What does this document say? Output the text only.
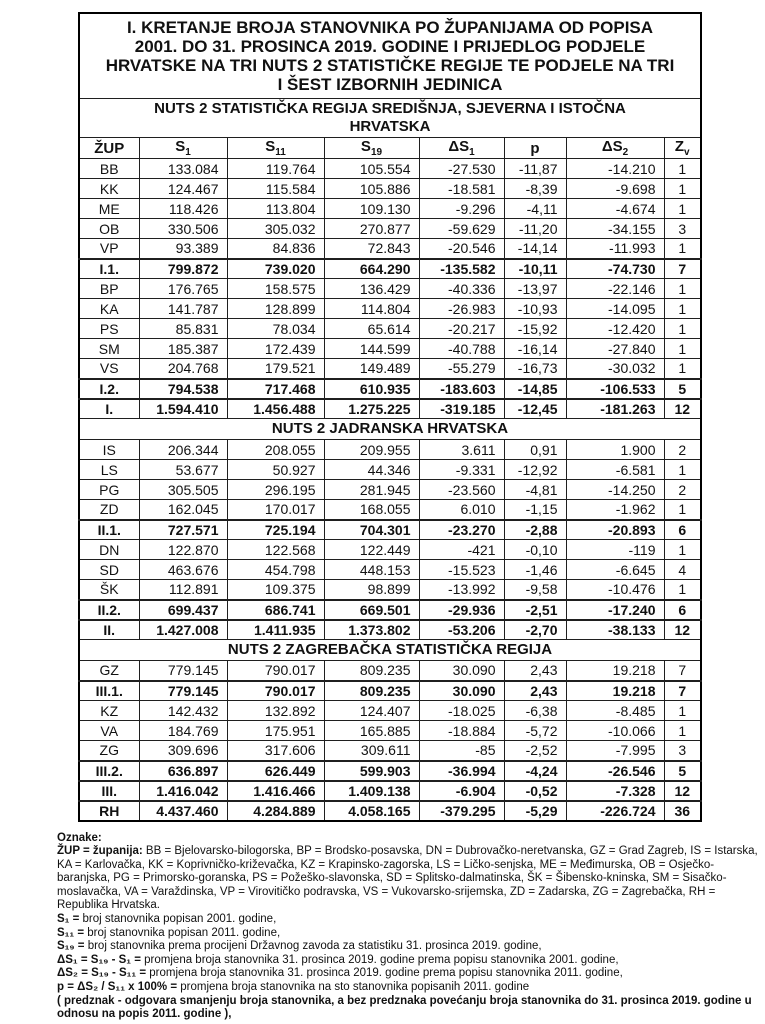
I. KRETANJE BROJA STANOVNIKA PO ŽUPANIJAMA OD POPISA
2001. DO 31. PROSINCA 2019. GODINE I PRIJEDLOG PODJELE
HRVATSKE NA TRI NUTS 2 STATISTIČKE REGIJE TE PODJELE NA TRI
I ŠEST IZBORNIH JEDINICA							
NUTS 2 STATISTIČKA REGIJA SREDIŠNJA, SJEVERNA I ISTOČNA
HRVATSKA							
ŽUP	$S_1$	$S_{11}$	$S_{19}$	$\Delta S_1$	p	$\Delta S_2$	$Z_v$
BB	133.084	119.764	105.554	-27.530	-11,87	-14.210	1
KK	124.467	115.584	105.886	-18.581	-8,39	-9.698	1
ME	118.426	113.804	109.130	-9.296	-4,11	-4.674	1
OB	330.506	305.032	270.877	-59.629	-11,20	-34.155	3
VP	93.389	84.836	72.843	-20.546	-14,14	-11.993	1
I.1.	799.872	739.020	664.290	-135.582	-10,11	-74.730	7
BP	176.765	158.575	136.429	-40.336	-13,97	-22.146	1
KA	141.787	128.899	114.804	-26.983	-10,93	-14.095	1
PS	85.831	78.034	65.614	-20.217	-15,92	-12.420	1
SM	185.387	172.439	144.599	-40.788	-16,14	-27.840	1
VS	204.768	179.521	149.489	-55.279	-16,73	-30.032	1
I.2.	794.538	717.468	610.935	-183.603	-14,85	-106.533	5
I.	1.594.410	1.456.488	1.275.225	-319.185	-12,45	-181.263	12
NUTS 2 JADRANSKA HRVATSKA							
IS	206.344	208.055	209.955	3.611	0,91	1.900	2
LS	53.677	50.927	44.346	-9.331	-12,92	-6.581	1
PG	305.505	296.195	281.945	-23.560	-4,81	-14.250	2
ZD	162.045	170.017	168.055	6.010	-1,15	-1.962	1
II.1.	727.571	725.194	704.301	-23.270	-2,88	-20.893	6
DN	122.870	122.568	122.449	-421	-0,10	-119	1
SD	463.676	454.798	448.153	-15.523	-1,46	-6.645	4
ŠK	112.891	109.375	98.899	-13.992	-9,58	-10.476	1
II.2.	699.437	686.741	669.501	-29.936	-2,51	-17.240	6
II.	1.427.008	1.411.935	1.373.802	-53.206	-2,70	-38.133	12
NUTS 2 ZAGREBAČKA STATISTIČKA REGIJA							
GZ	779.145	790.017	809.235	30.090	2,43	19.218	7
III.1.	779.145	790.017	809.235	30.090	2,43	19.218	7
KZ	142.432	132.892	124.407	-18.025	-6,38	-8.485	1
VA	184.769	175.951	165.885	-18.884	-5,72	-10.066	1
ZG	309.696	317.606	309.611	-85	-2,52	-7.995	3
III.2.	636.897	626.449	599.903	-36.994	-4,24	-26.546	5
III.	1.416.042	1.416.466	1.409.138	-6.904	-0,52	-7.328	12
RH	4.437.460	4.284.889	4.058.165	-379.295	-5,29	-226.724	36
Oznake:
ŽUP = županija: BB = Bjelovarsko-bilogorska, BP = Brodsko-posavska, DN = Dubrovačko-neretvanska, GZ = Grad Zagreb, IS = Istarska, KA = Karlovačka, KK = Koprivničko-križevačka, KZ = Krapinsko-zagorska, LS = Ličko-senjska, ME = Međimurska, OB = Osječko-baranjska, PG = Primorsko-goranska, PS = Požeško-slavonska, SD = Splitsko-dalmatinska, ŠK = Šibensko-kninska, SM = Sisačko-moslavačka, VA = Varaždinska, VP = Virovitičko podravska, VS = Vukovarsko-srijemska, ZD = Zadarska, ZG = Zagrebačka, RH = Republika Hrvatska.
S₁ = broj stanovnika popisan 2001. godine,
S₁₁ = broj stanovnika popisan 2011. godine,
S₁₉ = broj stanovnika prema procijeni Državnog zavoda za statistiku 31. prosinca 2019. godine,
ΔS₁ = S₁₉ - S₁ = promjena broja stanovnika 31. prosinca 2019. godine prema popisu stanovnika 2001. godine,
ΔS₂ = S₁₉ - S₁₁ = promjena broja stanovnika 31. prosinca 2019. godine prema popisu stanovnika 2011. godine,
p = ΔS₂ / S₁₁ x 100% = promjena broja stanovnika na sto stanovnika popisanih 2011. godine
( predznak - odgovara smanjenju broja stanovnika, a bez predznaka povećanju broja stanovnika do 31. prosinca 2019. godine u odnosu na popis 2011. godine ),
